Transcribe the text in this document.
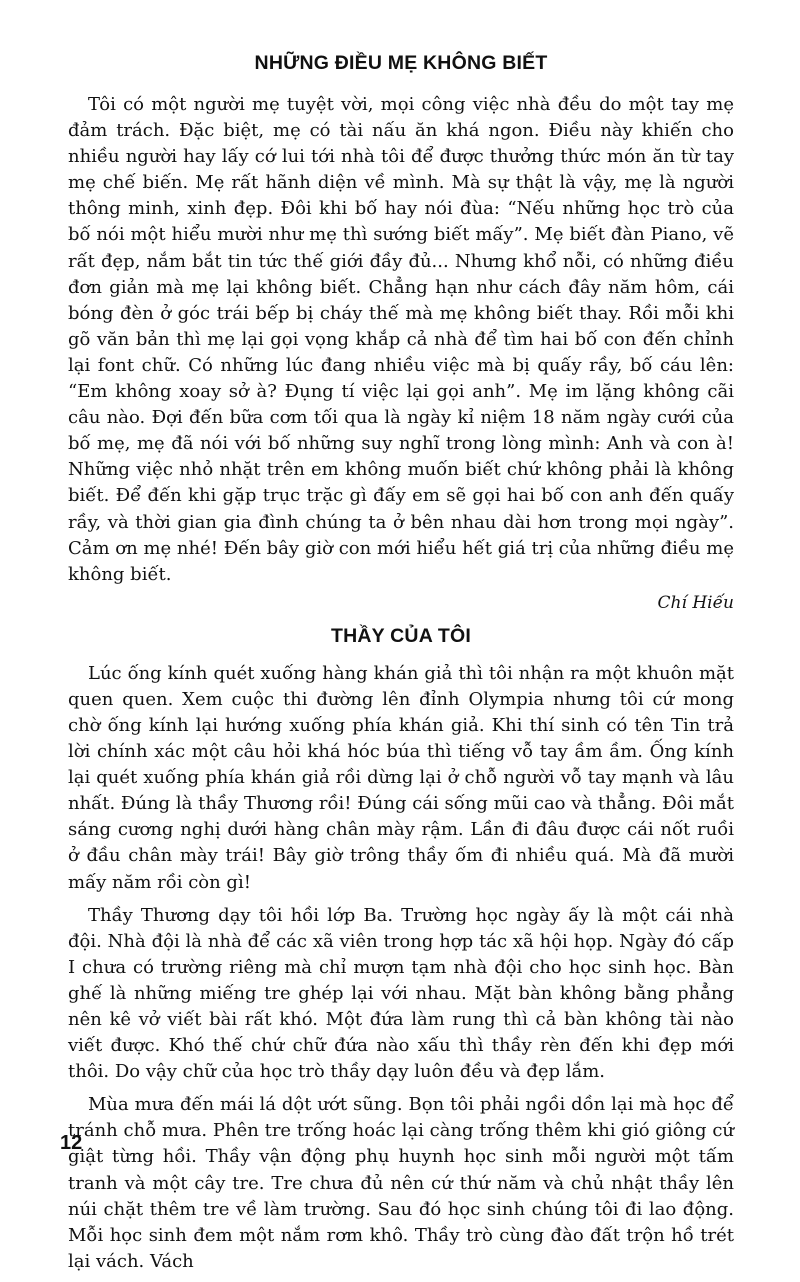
NHỮNG ĐIỀU MẸ KHÔNG BIẾT

Tôi có một người mẹ tuyệt vời, mọi công việc nhà đều do một tay mẹ đảm trách. Đặc biệt, mẹ có tài nấu ăn khá ngon. Điều này khiến cho nhiều người hay lấy cớ lui tới nhà tôi để được thưởng thức món ăn từ tay mẹ chế biến. Mẹ rất hãnh diện về mình. Mà sự thật là vậy, mẹ là người thông minh, xinh đẹp. Đôi khi bố hay nói đùa: “Nếu những học trò của bố nói một hiểu mười như mẹ thì sướng biết mấy”. Mẹ biết đàn Piano, vẽ rất đẹp, nắm bắt tin tức thế giới đầy đủ... Nhưng khổ nỗi, có những điều đơn giản mà mẹ lại không biết. Chẳng hạn như cách đây năm hôm, cái bóng đèn ở góc trái bếp bị cháy thế mà mẹ không biết thay. Rồi mỗi khi gõ văn bản thì mẹ lại gọi vọng khắp cả nhà để tìm hai bố con đến chỉnh lại font chữ. Có những lúc đang nhiều việc mà bị quấy rầy, bố cáu lên: “Em không xoay sở à? Đụng tí việc lại gọi anh”. Mẹ im lặng không cãi câu nào. Đợi đến bữa cơm tối qua là ngày kỉ niệm 18 năm ngày cưới của bố mẹ, mẹ đã nói với bố những suy nghĩ trong lòng mình: Anh và con à! Những việc nhỏ nhặt trên em không muốn biết chứ không phải là không biết. Để đến khi gặp trục trặc gì đấy em sẽ gọi hai bố con anh đến quấy rầy, và thời gian gia đình chúng ta ở bên nhau dài hơn trong mọi ngày”. Cảm ơn mẹ nhé! Đến bây giờ con mới hiểu hết giá trị của những điều mẹ không biết.

Chí Hiếu
THẦY CỦA TÔI

Lúc ống kính quét xuống hàng khán giả thì tôi nhận ra một khuôn mặt quen quen. Xem cuộc thi đường lên đỉnh Olympia nhưng tôi cứ mong chờ ống kính lại hướng xuống phía khán giả. Khi thí sinh có tên Tin trả lời chính xác một câu hỏi khá hóc búa thì tiếng vỗ tay ầm ầm. Ống kính lại quét xuống phía khán giả rồi dừng lại ở chỗ người vỗ tay mạnh và lâu nhất. Đúng là thầy Thương rồi! Đúng cái sống mũi cao và thẳng. Đôi mắt sáng cương nghị dưới hàng chân mày rậm. Lần đi đâu được cái nốt ruồi ở đầu chân mày trái! Bây giờ trông thầy ốm đi nhiều quá. Mà đã mười mấy năm rồi còn gì!

Thầy Thương dạy tôi hồi lớp Ba. Trường học ngày ấy là một cái nhà đội. Nhà đội là nhà để các xã viên trong hợp tác xã hội họp. Ngày đó cấp I chưa có trường riêng mà chỉ mượn tạm nhà đội cho học sinh học. Bàn ghế là những miếng tre ghép lại với nhau. Mặt bàn không bằng phẳng nên kê vở viết bài rất khó. Một đứa làm rung thì cả bàn không tài nào viết được. Khó thế chứ chữ đứa nào xấu thì thầy rèn đến khi đẹp mới thôi. Do vậy chữ của học trò thầy dạy luôn đều và đẹp lắm.

Mùa mưa đến mái lá dột ướt sũng. Bọn tôi phải ngồi dồn lại mà học để tránh chỗ mưa. Phên tre trống hoác lại càng trống thêm khi gió giông cứ giật từng hồi. Thầy vận động phụ huynh học sinh mỗi người một tấm tranh và một cây tre. Tre chưa đủ nên cứ thứ năm và chủ nhật thầy lên núi chặt thêm tre về làm trường. Sau đó học sinh chúng tôi đi lao động. Mỗi học sinh đem một nắm rơm khô. Thầy trò cùng đào đất trộn hồ trét lại vách. Vách

12
